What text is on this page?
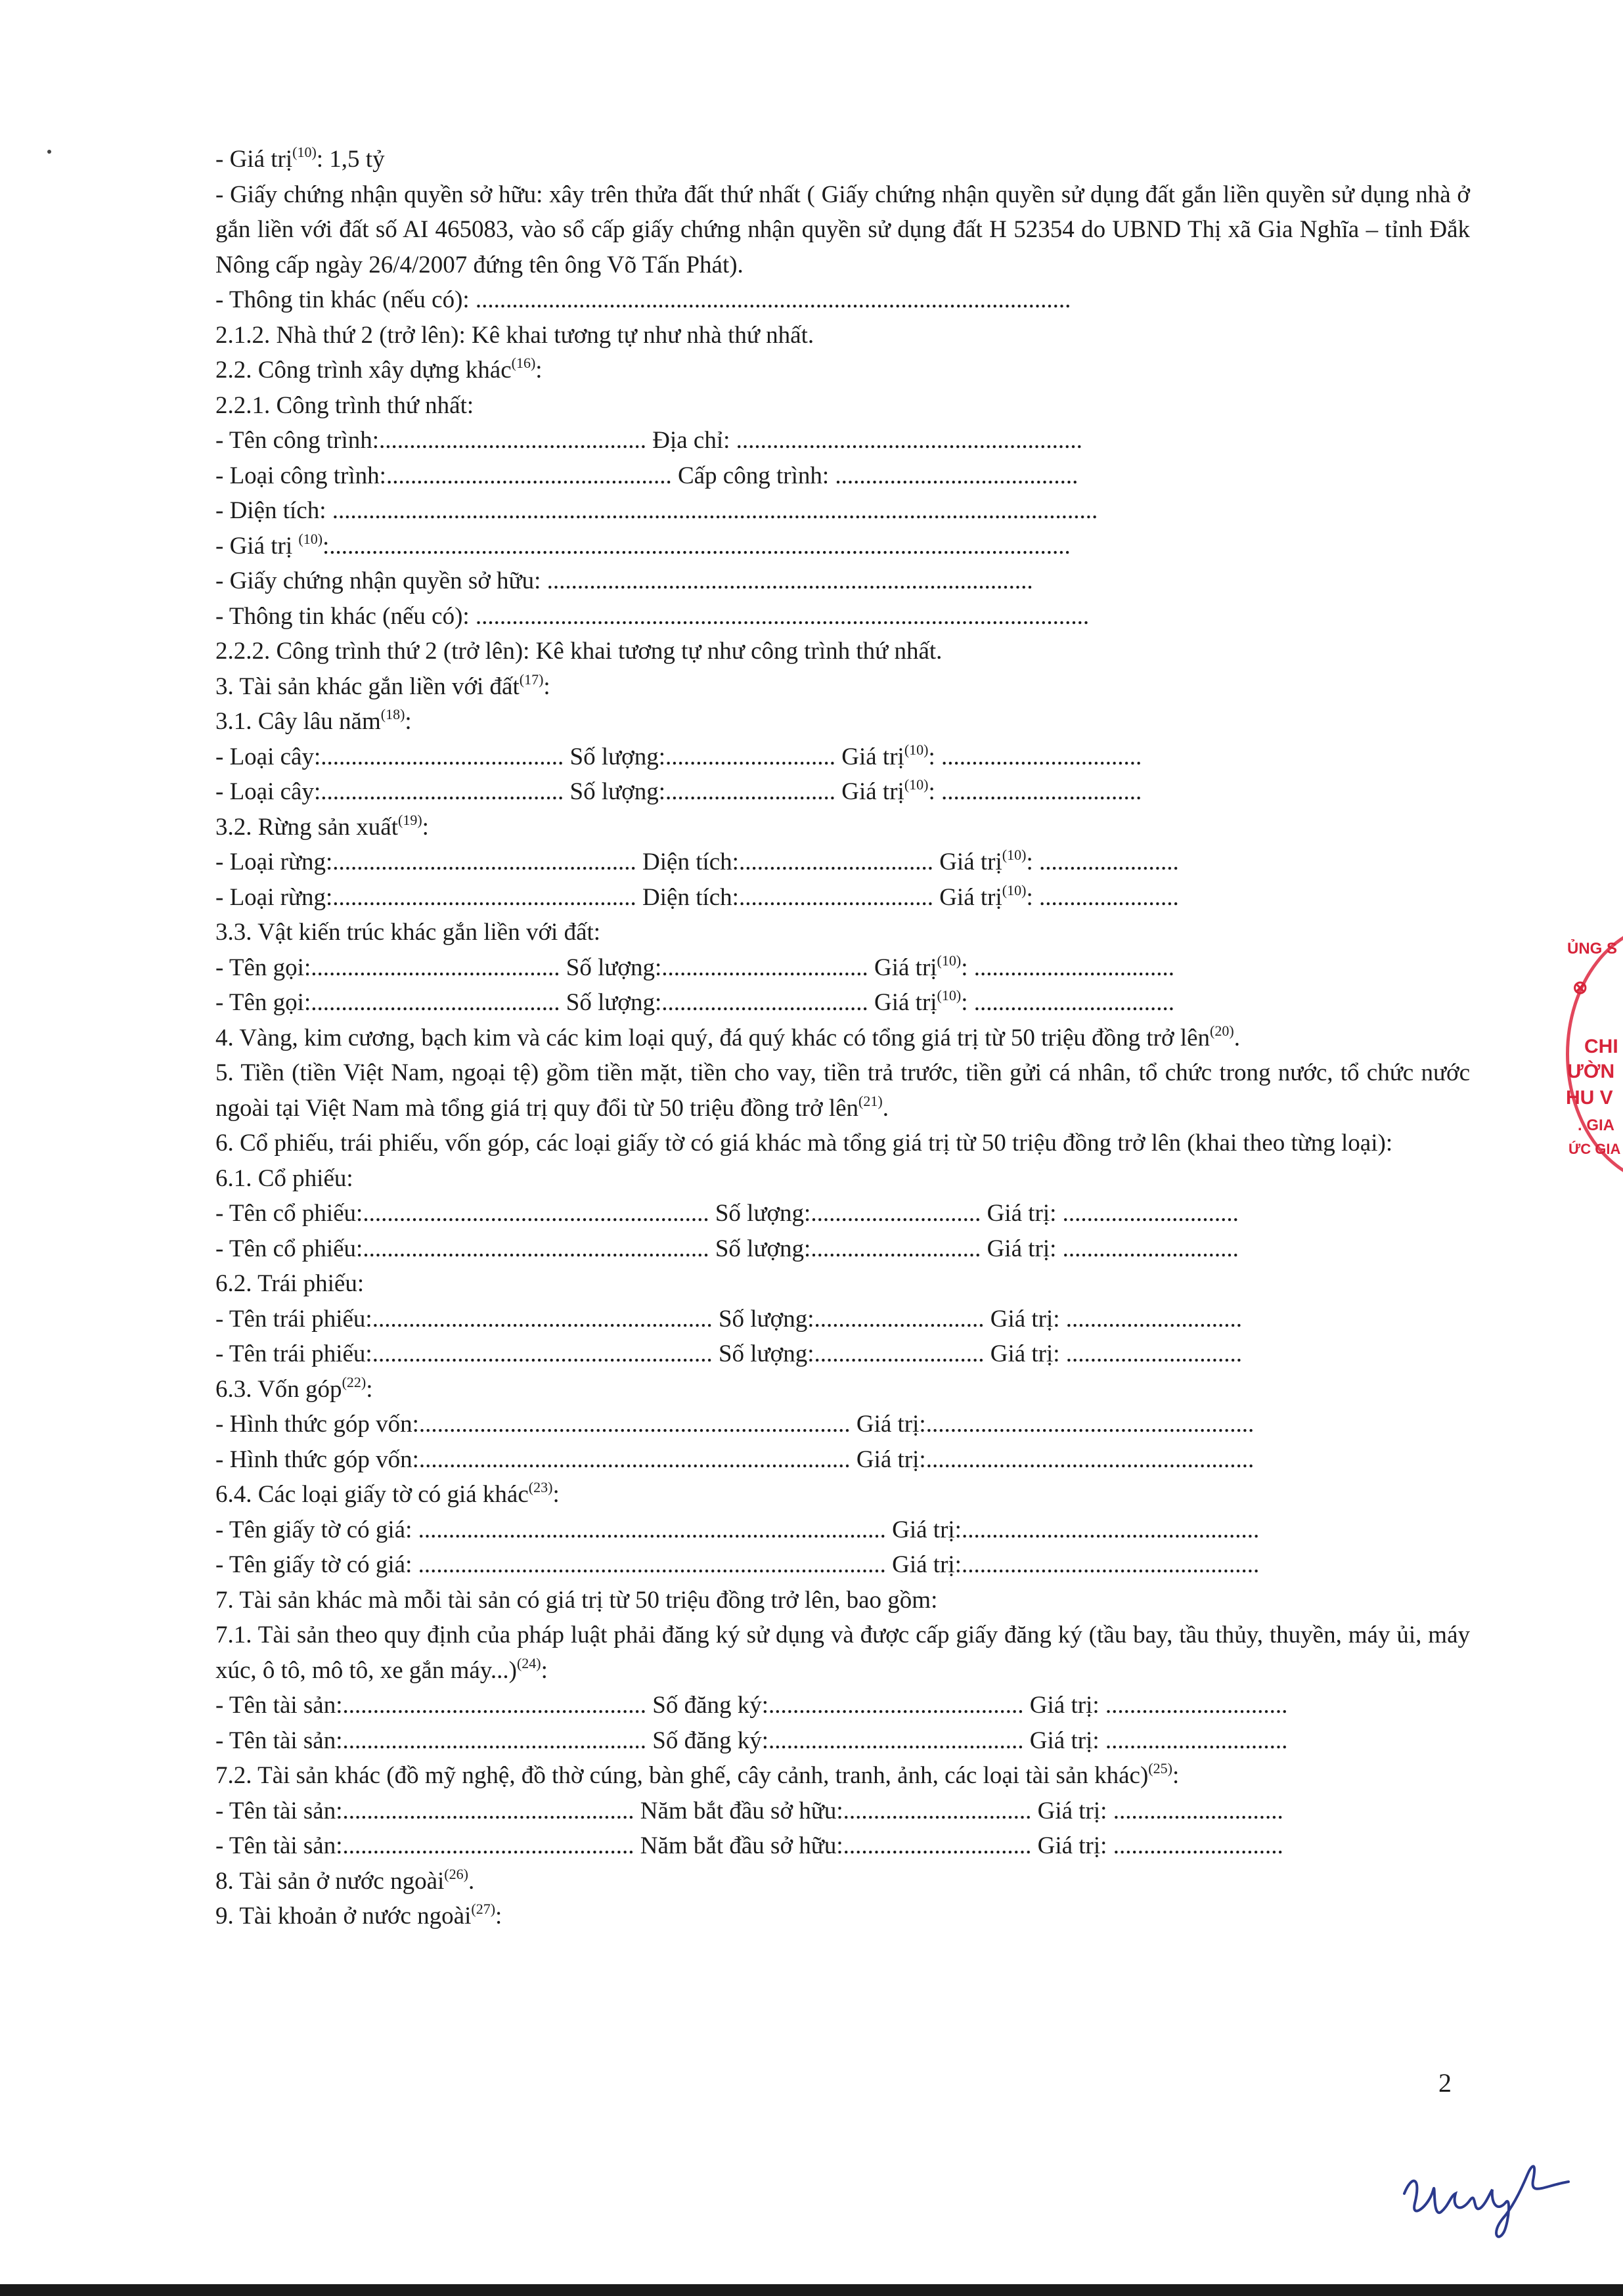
- Giá trị$^{(10)}$: 1,5 tỷ
- Giấy chứng nhận quyền sở hữu: xây trên thửa đất thứ nhất ( Giấy chứng nhận quyền sử dụng đất gắn liền quyền sử dụng nhà ở gắn liền với đất số AI 465083, vào sổ cấp giấy chứng nhận quyền sử dụng đất H 52354 do UBND Thị xã Gia Nghĩa – tỉnh Đắk Nông cấp ngày 26/4/2007 đứng tên ông Võ Tấn Phát).
- Thông tin khác (nếu có): ..................................................................................................
2.1.2. Nhà thứ 2 (trở lên): Kê khai tương tự như nhà thứ nhất.
2.2. Công trình xây dựng khác$^{(16)}$:
2.2.1. Công trình thứ nhất:
- Tên công trình:............................................ Địa chỉ: .........................................................
- Loại công trình:............................................... Cấp công trình: ........................................
- Diện tích: ..............................................................................................................................
- Giá trị $^{(10)}$:..........................................................................................................................
- Giấy chứng nhận quyền sở hữu: ................................................................................
- Thông tin khác (nếu có): .....................................................................................................
2.2.2. Công trình thứ 2 (trở lên): Kê khai tương tự như công trình thứ nhất.
3. Tài sản khác gắn liền với đất$^{(17)}$:
3.1. Cây lâu năm$^{(18)}$:
- Loại cây:........................................ Số lượng:............................ Giá trị$^{(10)}$: .................................
- Loại cây:........................................ Số lượng:............................ Giá trị$^{(10)}$: .................................
3.2. Rừng sản xuất$^{(19)}$:
- Loại rừng:.................................................. Diện tích:................................ Giá trị$^{(10)}$: .......................
- Loại rừng:.................................................. Diện tích:................................ Giá trị$^{(10)}$: .......................
3.3. Vật kiến trúc khác gắn liền với đất:
- Tên gọi:......................................... Số lượng:.................................. Giá trị$^{(10)}$: .................................
- Tên gọi:......................................... Số lượng:.................................. Giá trị$^{(10)}$: .................................
4. Vàng, kim cương, bạch kim và các kim loại quý, đá quý khác có tổng giá trị từ 50 triệu đồng trở lên$^{(20)}$.
5. Tiền (tiền Việt Nam, ngoại tệ) gồm tiền mặt, tiền cho vay, tiền trả trước, tiền gửi cá nhân, tổ chức trong nước, tổ chức nước ngoài tại Việt Nam mà tổng giá trị quy đổi từ 50 triệu đồng trở lên$^{(21)}$.
6. Cổ phiếu, trái phiếu, vốn góp, các loại giấy tờ có giá khác mà tổng giá trị từ 50 triệu đồng trở lên (khai theo từng loại):
6.1. Cổ phiếu:
- Tên cổ phiếu:......................................................... Số lượng:............................ Giá trị: .............................
- Tên cổ phiếu:......................................................... Số lượng:............................ Giá trị: .............................
6.2. Trái phiếu:
- Tên trái phiếu:........................................................ Số lượng:............................ Giá trị: .............................
- Tên trái phiếu:........................................................ Số lượng:............................ Giá trị: .............................
6.3. Vốn góp$^{(22)}$:
- Hình thức góp vốn:....................................................................... Giá trị:......................................................
- Hình thức góp vốn:....................................................................... Giá trị:......................................................
6.4. Các loại giấy tờ có giá khác$^{(23)}$:
- Tên giấy tờ có giá: ............................................................................. Giá trị:.................................................
- Tên giấy tờ có giá: ............................................................................. Giá trị:.................................................
7. Tài sản khác mà mỗi tài sản có giá trị từ 50 triệu đồng trở lên, bao gồm:
7.1. Tài sản theo quy định của pháp luật phải đăng ký sử dụng và được cấp giấy đăng ký (tầu bay, tầu thủy, thuyền, máy ủi, máy xúc, ô tô, mô tô, xe gắn máy...)$^{(24)}$:
- Tên tài sản:.................................................. Số đăng ký:.......................................... Giá trị: ..............................
- Tên tài sản:.................................................. Số đăng ký:.......................................... Giá trị: ..............................
7.2. Tài sản khác (đồ mỹ nghệ, đồ thờ cúng, bàn ghế, cây cảnh, tranh, ảnh, các loại tài sản khác)$^{(25)}$:
- Tên tài sản:................................................ Năm bắt đầu sở hữu:............................... Giá trị: ............................
- Tên tài sản:................................................ Năm bắt đầu sở hữu:............................... Giá trị: ............................
8. Tài sản ở nước ngoài$^{(26)}$.
9. Tài khoản ở nước ngoài$^{(27)}$:
2
ỦNG S
⊗
CHI
ƯỜN
HU V
. GIA
ỨC GIA
